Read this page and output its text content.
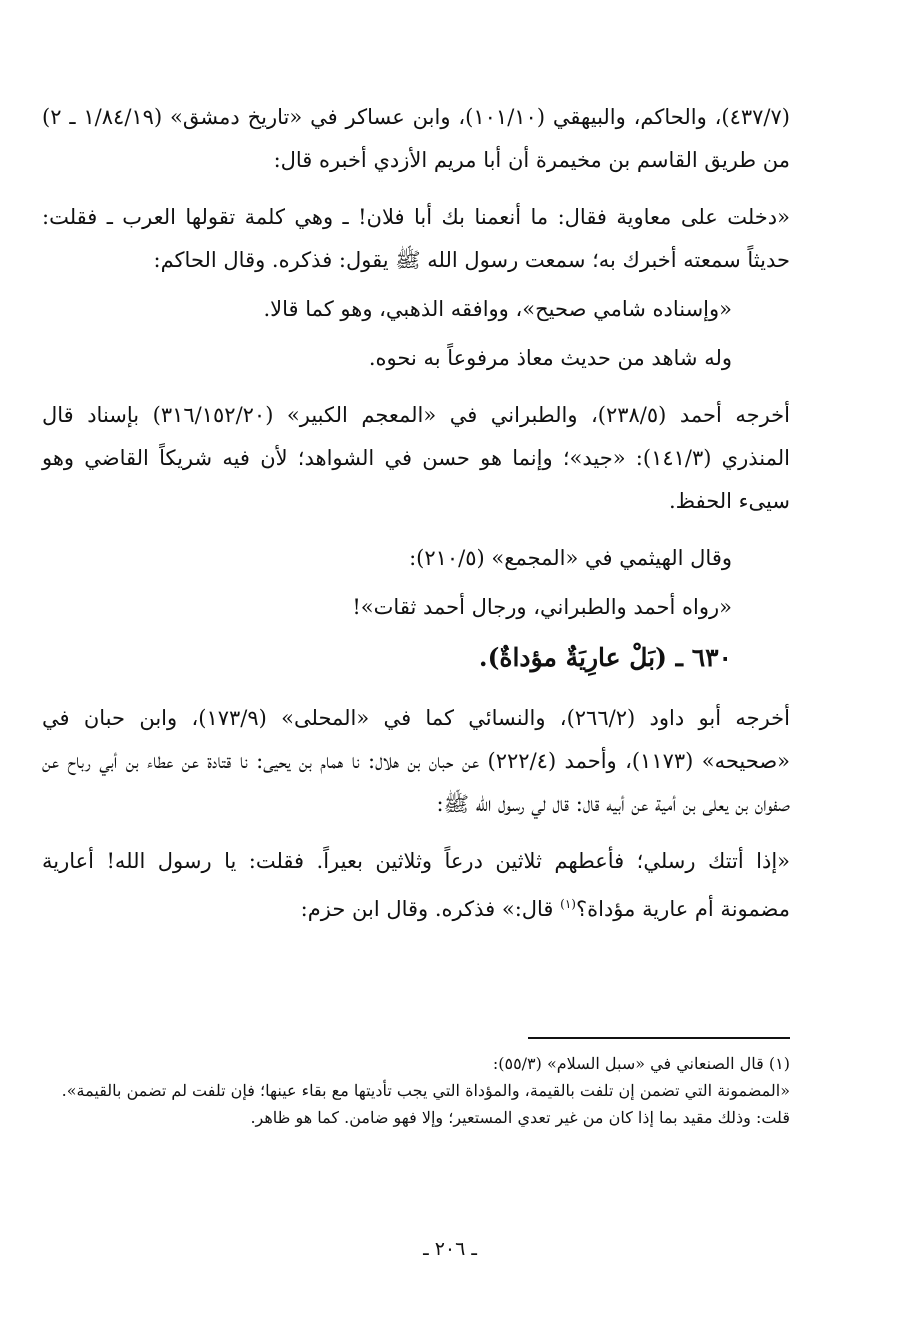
(٤٣٧/٧)، والحاكم، والبيهقي (١٠١/١٠)، وابن عساكر في «تاريخ دمشق» (١/٨٤/١٩ ـ ٢) من طريق القاسم بن مخيمرة أن أبا مريم الأزدي أخبره قال:

«دخلت على معاوية فقال: ما أنعمنا بك أبا فلان! ـ وهي كلمة تقولها العرب ـ فقلت: حديثاً سمعته أخبرك به؛ سمعت رسول الله ﷺ يقول: فذكره. وقال الحاكم:

«وإسناده شامي صحيح»، ووافقه الذهبي، وهو كما قالا.

وله شاهد من حديث معاذ مرفوعاً به نحوه.

أخرجه أحمد (٢٣٨/٥)، والطبراني في «المعجم الكبير» (٣١٦/١٥٢/٢٠) بإسناد قال المنذري (١٤١/٣): «جيد»؛ وإنما هو حسن في الشواهد؛ لأن فيه شريكاً القاضي وهو سيىء الحفظ.

وقال الهيثمي في «المجمع» (٢١٠/٥):

«رواه أحمد والطبراني، ورجال أحمد ثقات»!

٦٣٠ ـ (بَلْ عارِيَةٌ مؤداةٌ).

أخرجه أبو داود (٢٦٦/٢)، والنسائي كما في «المحلى» (١٧٣/٩)، وابن حبان في «صحيحه» (١١٧٣)، وأحمد (٢٢٢/٤) عن حبان بن هلال: نا همام بن يحيى: نا قتادة عن عطاء بن أبي رباح عن صفوان بن يعلى بن أمية عن أبيه قال: قال لي رسول الله ﷺ:

«إذا أتتك رسلي؛ فأعطهم ثلاثين درعاً وثلاثين بعيراً. فقلت: يا رسول الله! أعارية مضمونة أم عارية مؤداة؟$^{(١)}$ قال:» فذكره. وقال ابن حزم:

(١) قال الصنعاني في «سبل السلام» (٥٥/٣):

«المضمونة التي تضمن إن تلفت بالقيمة، والمؤداة التي يجب تأديتها مع بقاء عينها؛ فإن تلفت لم تضمن بالقيمة».

قلت: وذلك مقيد بما إذا كان من غير تعدي المستعير؛ وإلا فهو ضامن. كما هو ظاهر.

ـ ٢٠٦ ـ
